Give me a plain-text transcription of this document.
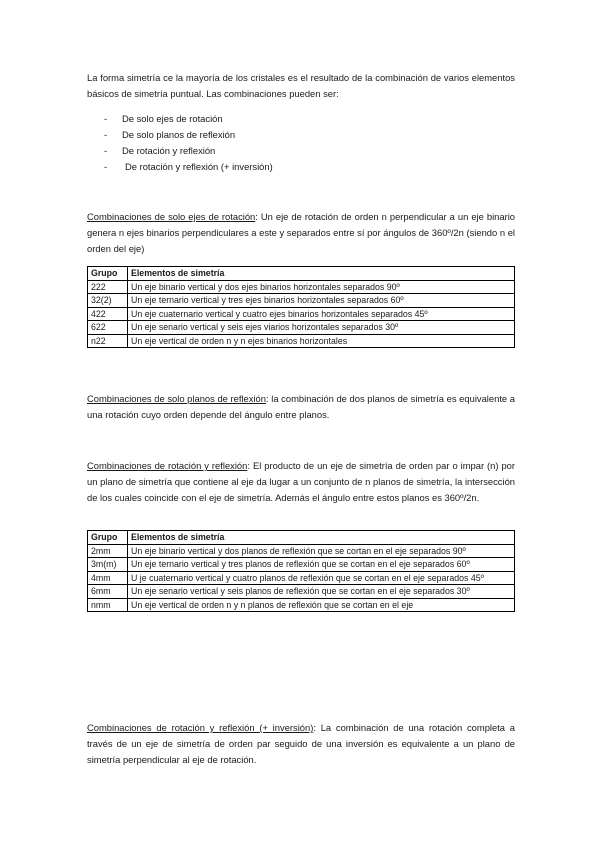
La forma simetría ce la mayoría de los cristales es el resultado de la combinación de varios elementos básicos de simetría puntual. Las combinaciones pueden ser:

- De solo ejes de rotación
- De solo planos de reflexión
- De rotación y reflexión
- De rotación y reflexión (+ inversión)

Combinaciones de solo ejes de rotación: Un eje de rotación de orden n perpendicular a un eje binario genera n ejes binarios perpendiculares a este y separados entre sí por ángulos de 360º/2n (siendo n el orden del eje)

Grupo	Elementos de simetría
222	Un eje binario vertical y dos ejes binarios horizontales separados 90º
32(2)	Un eje ternario vertical y tres ejes binarios horizontales separados 60º
422	Un eje cuaternario vertical y cuatro ejes binarios horizontales separados 45º
622	Un eje senario vertical y seis ejes viarios horizontales separados 30º
n22	Un eje vertical de orden n y n ejes binarios horizontales

Combinaciones de solo planos de reflexión: la combinación de dos planos de simetría es equivalente a una rotación cuyo orden depende del ángulo entre planos.

Combinaciones de rotación y reflexión: El producto de un eje de simetría de orden par o impar (n) por un plano de simetría que contiene al eje da lugar a un conjunto de n planos de simetría, la intersección de los cuales coincide con el eje de simetría. Además el ángulo entre estos planos es 360º/2n.

Grupo	Elementos de simetría
2mm	Un eje binario vertical y dos planos de reflexión que se cortan en el eje separados 90º
3m(m)	Un eje ternario vertical y tres planos de reflexión que se cortan en el eje separados 60º
4mm	U je cuaternario vertical y cuatro planos de reflexión que se cortan en el eje separados 45º
6mm	Un eje senario vertical y seis planos de reflexión que se cortan en el eje separados 30º
nmm	Un eje vertical de orden n y n planos de reflexión que se cortan en el eje

Combinaciones de rotación y reflexión (+ inversión): La combinación de una rotación completa a través de un eje de simetría de orden par seguido de una inversión es equivalente a un plano de simetría perpendicular al eje de rotación.
